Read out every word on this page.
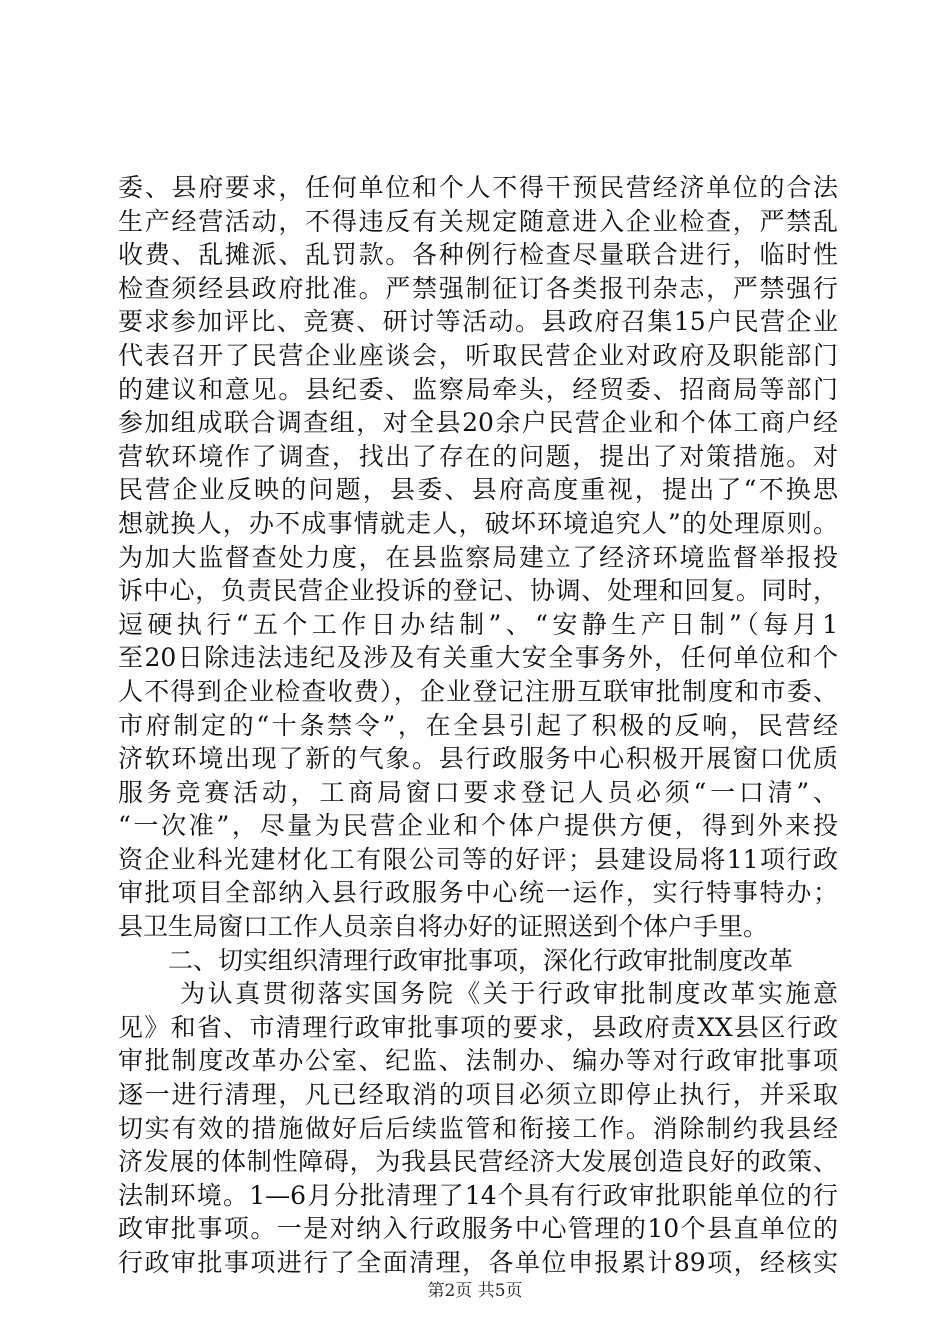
委、县府要求，任何单位和个人不得干预民营经济单位的合法
生产经营活动，不得违反有关规定随意进入企业检查，严禁乱
收费、乱摊派、乱罚款。各种例行检查尽量联合进行，临时性
检查须经县政府批准。严禁强制征订各类报刊杂志，严禁强行
要求参加评比、竞赛、研讨等活动。县政府召集15户民营企业
代表召开了民营企业座谈会，听取民营企业对政府及职能部门
的建议和意见。县纪委、监察局牵头，经贸委、招商局等部门
参加组成联合调查组，对全县20余户民营企业和个体工商户经
营软环境作了调查，找出了存在的问题，提出了对策措施。对
民营企业反映的问题，县委、县府高度重视，提出了“不换思
想就换人，办不成事情就走人，破坏环境追究人”的处理原则。
为加大监督查处力度，在县监察局建立了经济环境监督举报投
诉中心，负责民营企业投诉的登记、协调、处理和回复。同时，
逗硬执行“五个工作日办结制”、“安静生产日制”（每月1
至20日除违法违纪及涉及有关重大安全事务外，任何单位和个
人不得到企业检查收费），企业登记注册互联审批制度和市委、
市府制定的“十条禁令”，在全县引起了积极的反响，民营经
济软环境出现了新的气象。县行政服务中心积极开展窗口优质
服务竞赛活动，工商局窗口要求登记人员必须“一口清”、
“一次准”，尽量为民营企业和个体户提供方便，得到外来投
资企业科光建材化工有限公司等的好评；县建设局将11项行政
审批项目全部纳入县行政服务中心统一运作，实行特事特办；
县卫生局窗口工作人员亲自将办好的证照送到个体户手里。
二、切实组织清理行政审批事项，深化行政审批制度改革
为认真贯彻落实国务院《关于行政审批制度改革实施意
见》和省、市清理行政审批事项的要求，县政府责XX县区行政
审批制度改革办公室、纪监、法制办、编办等对行政审批事项
逐一进行清理，凡已经取消的项目必须立即停止执行，并采取
切实有效的措施做好后后续监管和衔接工作。消除制约我县经
济发展的体制性障碍，为我县民营经济大发展创造良好的政策、
法制环境。1—6月分批清理了14个具有行政审批职能单位的行
政审批事项。一是对纳入行政服务中心管理的10个县直单位的
行政审批事项进行了全面清理，各单位申报累计89项，经核实
第2页 共5页
